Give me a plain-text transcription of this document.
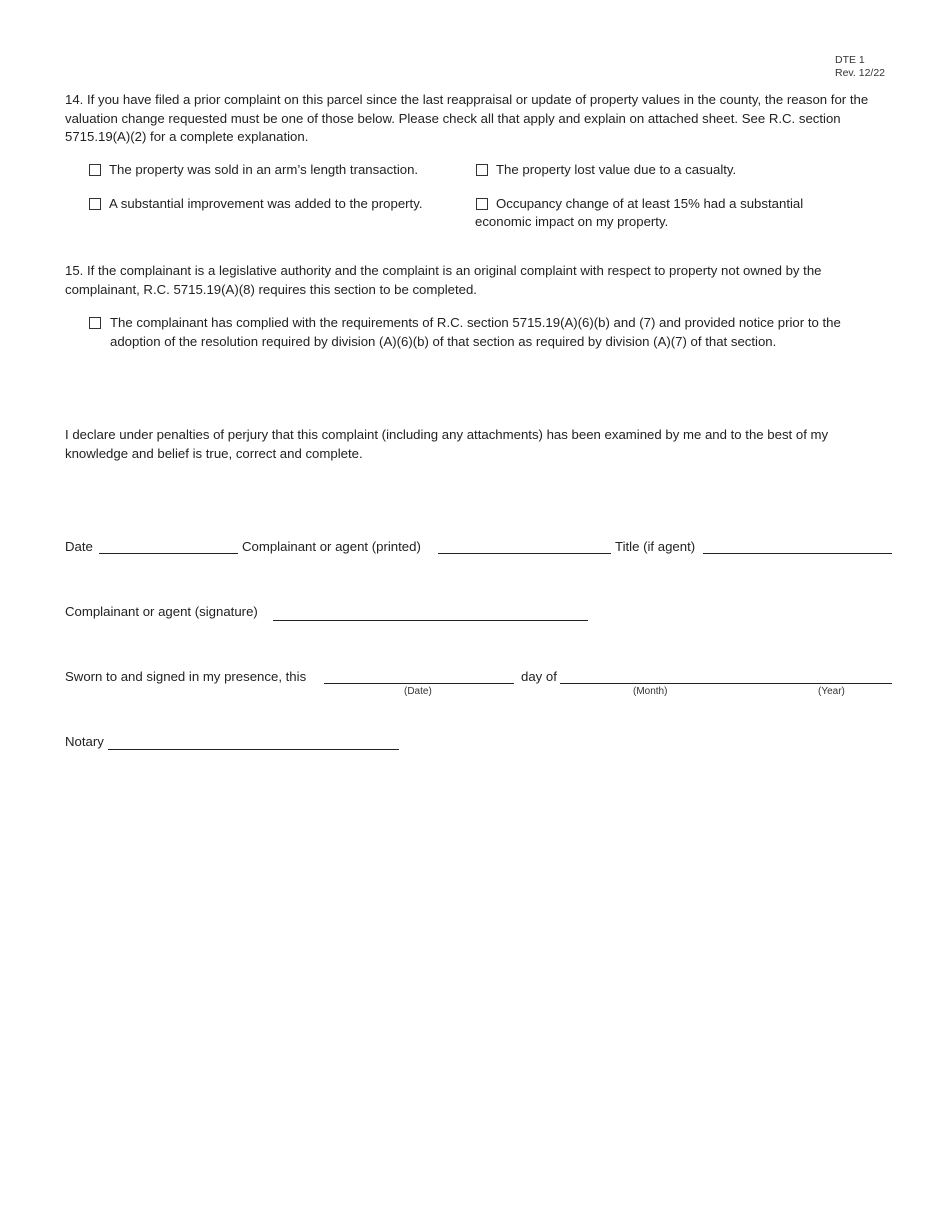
DTE 1
Rev. 12/22

14. If you have filed a prior complaint on this parcel since the last reappraisal or update of property values in the county, the reason for the valuation change requested must be one of those below. Please check all that apply and explain on attached sheet. See R.C. section 5715.19(A)(2) for a complete explanation.

The property was sold in an arm’s length transaction.	The property lost value due to a casualty.
A substantial improvement was added to the property.	Occupancy change of at least 15% had a substantial economic impact on my property.

15. If the complainant is a legislative authority and the complaint is an original complaint with respect to property not owned by the complainant, R.C. 5715.19(A)(8) requires this section to be completed.

The complainant has complied with the requirements of R.C. section 5715.19(A)(6)(b) and (7) and provided notice prior to the adoption of the resolution required by division (A)(6)(b) of that section as required by division (A)(7) of that section.

I declare under penalties of perjury that this complaint (including any attachments) has been examined by me and to the best of my knowledge and belief is true, correct and complete.

Date	Complainant or agent (printed)	Title (if agent)
Complainant or agent (signature)
Sworn to and signed in my presence, this
(Date)
day of
(Month)	(Year)
Notary
